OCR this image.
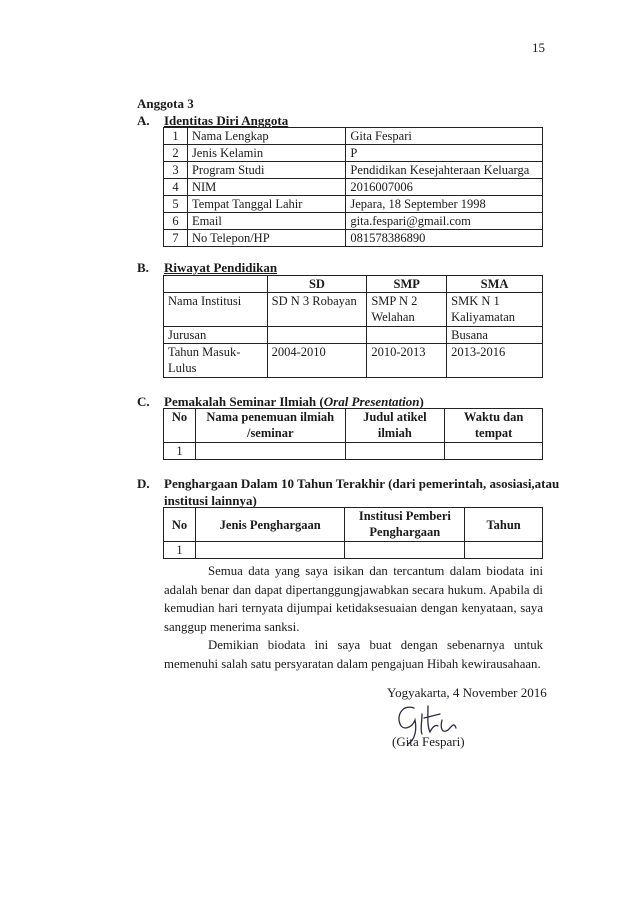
15
Anggota 3
A. Identitas Diri Anggota
1	Nama Lengkap	Gita Fespari
2	Jenis Kelamin	P
3	Program Studi	Pendidikan Kesejahteraan Keluarga
4	NIM	2016007006
5	Tempat Tanggal Lahir	Jepara, 18 September 1998
6	Email	gita.fespari@gmail.com
7	No Telepon/HP	081578386890
B. Riwayat Pendidikan
	SD	SMP	SMA
Nama Institusi	SD N 3 Robayan	SMP N 2 Welahan	SMK N 1 Kaliyamatan
Jurusan			Busana
Tahun Masuk-Lulus	2004-2010	2010-2013	2013-2016
C. Pemakalah Seminar Ilmiah (Oral Presentation)
No	Nama penemuan ilmiah /seminar	Judul atikel ilmiah	Waktu dan tempat
1			
D. Penghargaan Dalam 10 Tahun Terakhir (dari pemerintah, asosiasi,atau
institusi lainnya)
No	Jenis Penghargaan	Institusi Pemberi Penghargaan	Tahun
1			
Semua data yang saya isikan dan tercantum dalam biodata ini adalah benar dan dapat dipertanggungjawabkan secara hukum. Apabila di kemudian hari ternyata dijumpai ketidaksesuaian dengan kenyataan, saya sanggup menerima sanksi.
Demikian biodata ini saya buat dengan sebenarnya untuk memenuhi salah satu persyaratan dalam pengajuan Hibah kewirausahaan.
Yogyakarta, 4 November 2016
(Gita Fespari)
